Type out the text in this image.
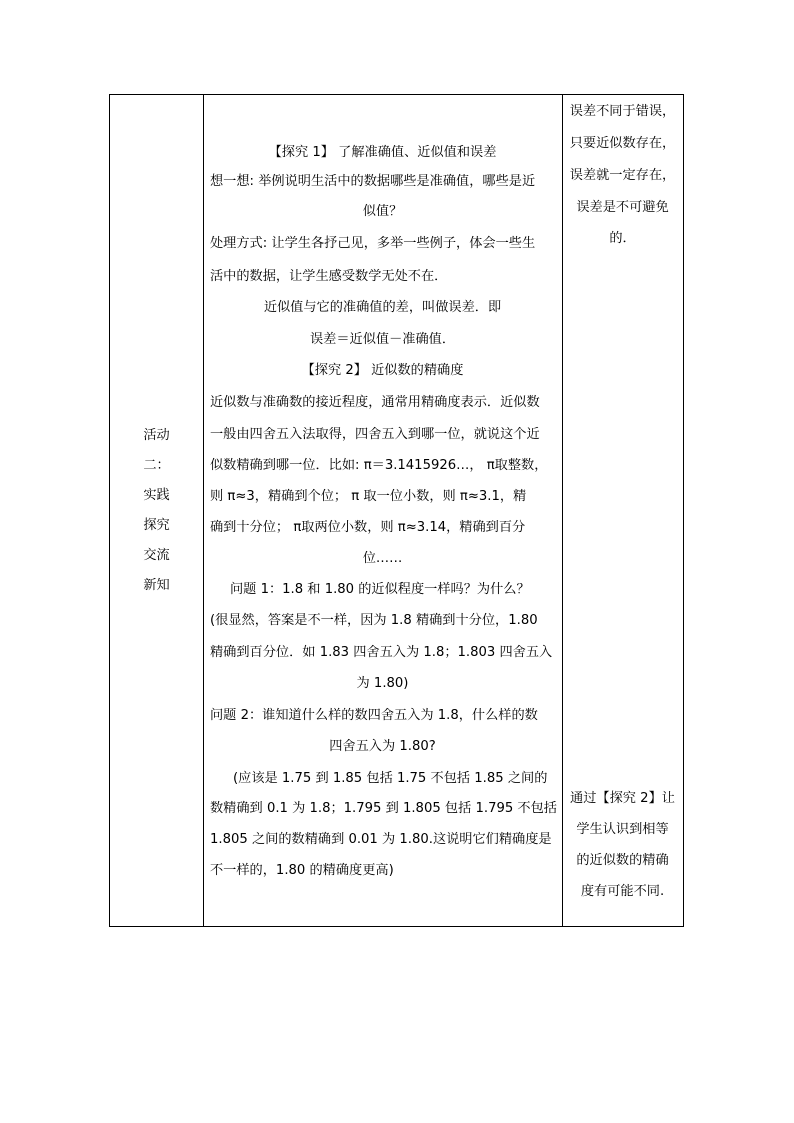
活动
二：
实践
探究
交流
新知
【探究 1】 了解准确值、近似值和误差
想一想: 举例说明生活中的数据哪些是准确值，哪些是近
似值？
处理方式: 让学生各抒己见，多举一些例子，体会一些生
活中的数据，让学生感受数学无处不在．
近似值与它的准确值的差，叫做误差．即
误差＝近似值－准确值．
【探究 2】 近似数的精确度
近似数与准确数的接近程度，通常用精确度表示．近似数
一般由四舍五入法取得，四舍五入到哪一位，就说这个近
似数精确到哪一位．比如: π＝3.1415926…， π取整数，
则 π≈3，精确到个位； π 取一位小数，则 π≈3.1，精
确到十分位； π取两位小数，则 π≈3.14，精确到百分
位……
问题 1：1.8 和 1.80 的近似程度一样吗？为什么？
(很显然，答案是不一样，因为 1.8 精确到十分位，1.80
精确到百分位．如 1.83 四舍五入为 1.8；1.803 四舍五入
为 1.80)
问题 2：谁知道什么样的数四舍五入为 1.8，什么样的数
四舍五入为 1.80?
(应该是 1.75 到 1.85 包括 1.75 不包括 1.85 之间的
数精确到 0.1 为 1.8；1.795 到 1.805 包括 1.795 不包括
1.805 之间的数精确到 0.01 为 1.80.这说明它们精确度是
不一样的，1.80 的精确度更高)
误差不同于错误，
只要近似数存在，
误差就一定存在，
误差是不可避免
的．
通过【探究 2】让
学生认识到相等
的近似数的精确
度有可能不同.
